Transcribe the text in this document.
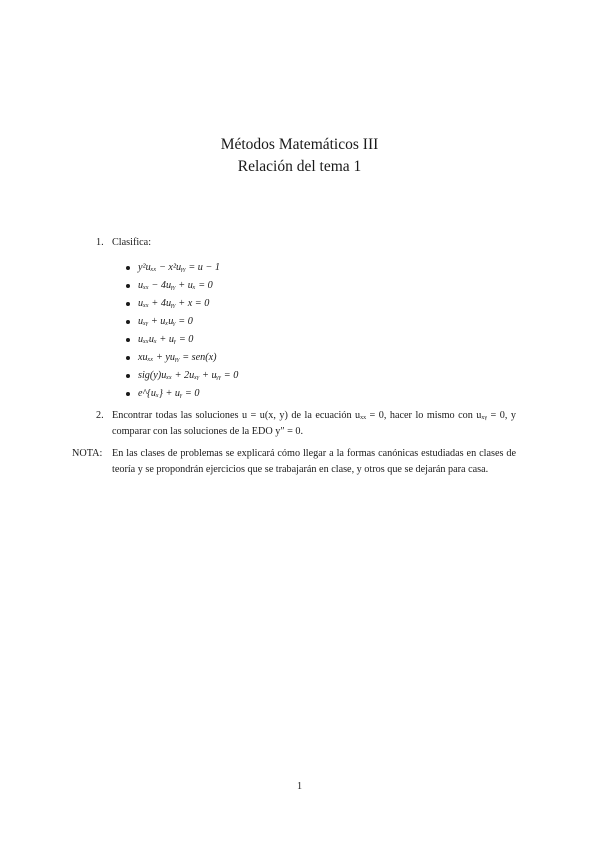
Métodos Matemáticos III
Relación del tema 1
1. Clasifica:
y²uₓₓ − x²uᵧᵧ = u − 1
uₓₓ − 4uᵧᵧ + uₓ = 0
uₓₓ + 4uᵧᵧ + x = 0
uₓᵧ + uₓuᵧ = 0
uₓₓuₓ + uᵧ = 0
xuₓₓ + yuᵧᵧ = sen(x)
sig(y)uₓₓ + 2uₓᵧ + uᵧᵧ = 0
e^{uₓ} + uᵧ = 0
2. Encontrar todas las soluciones u = u(x, y) de la ecuación uₓₓ = 0, hacer lo mismo con uₓᵧ = 0, y comparar con las soluciones de la EDO y″ = 0.
NOTA: En las clases de problemas se explicará cómo llegar a la formas canónicas estudiadas en clases de teoría y se propondrán ejercicios que se trabajarán en clase, y otros que se dejarán para casa.
1
